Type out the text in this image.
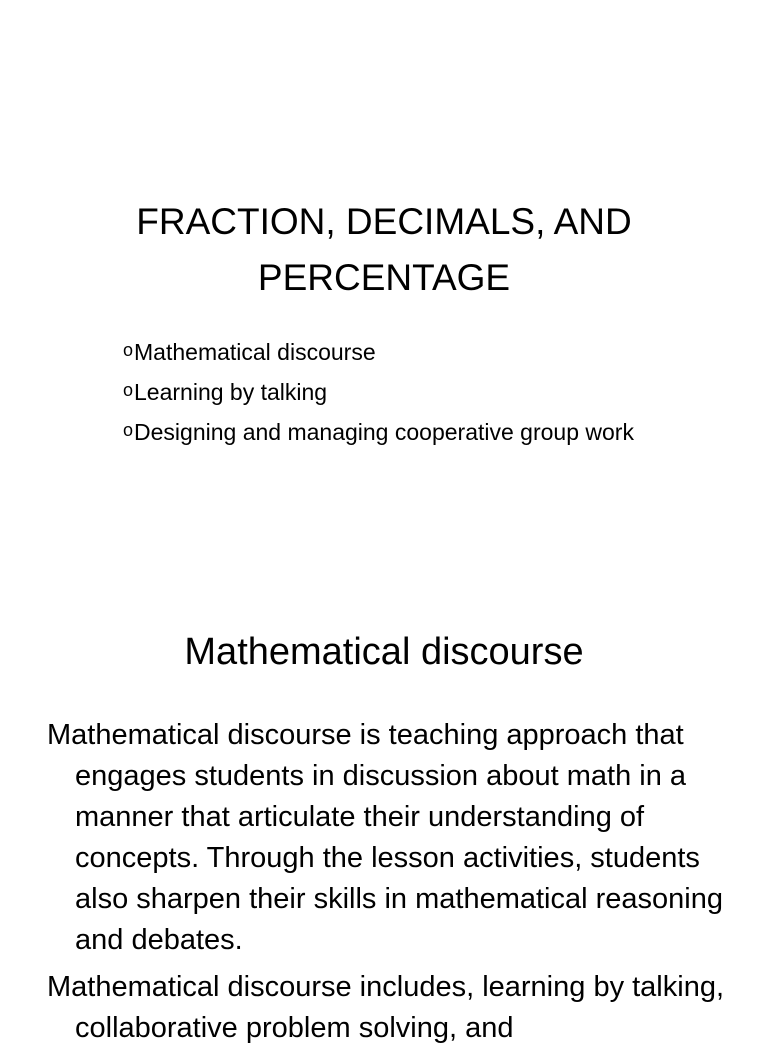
FRACTION, DECIMALS, AND PERCENTAGE
oMathematical discourse
oLearning by talking
oDesigning and managing cooperative group work
Mathematical discourse

Mathematical discourse is teaching approach that engages students in discussion about math in a manner that articulate their understanding of concepts. Through the lesson activities, students also sharpen their skills in mathematical reasoning and debates.

Mathematical discourse includes, learning by talking, collaborative problem solving, and
